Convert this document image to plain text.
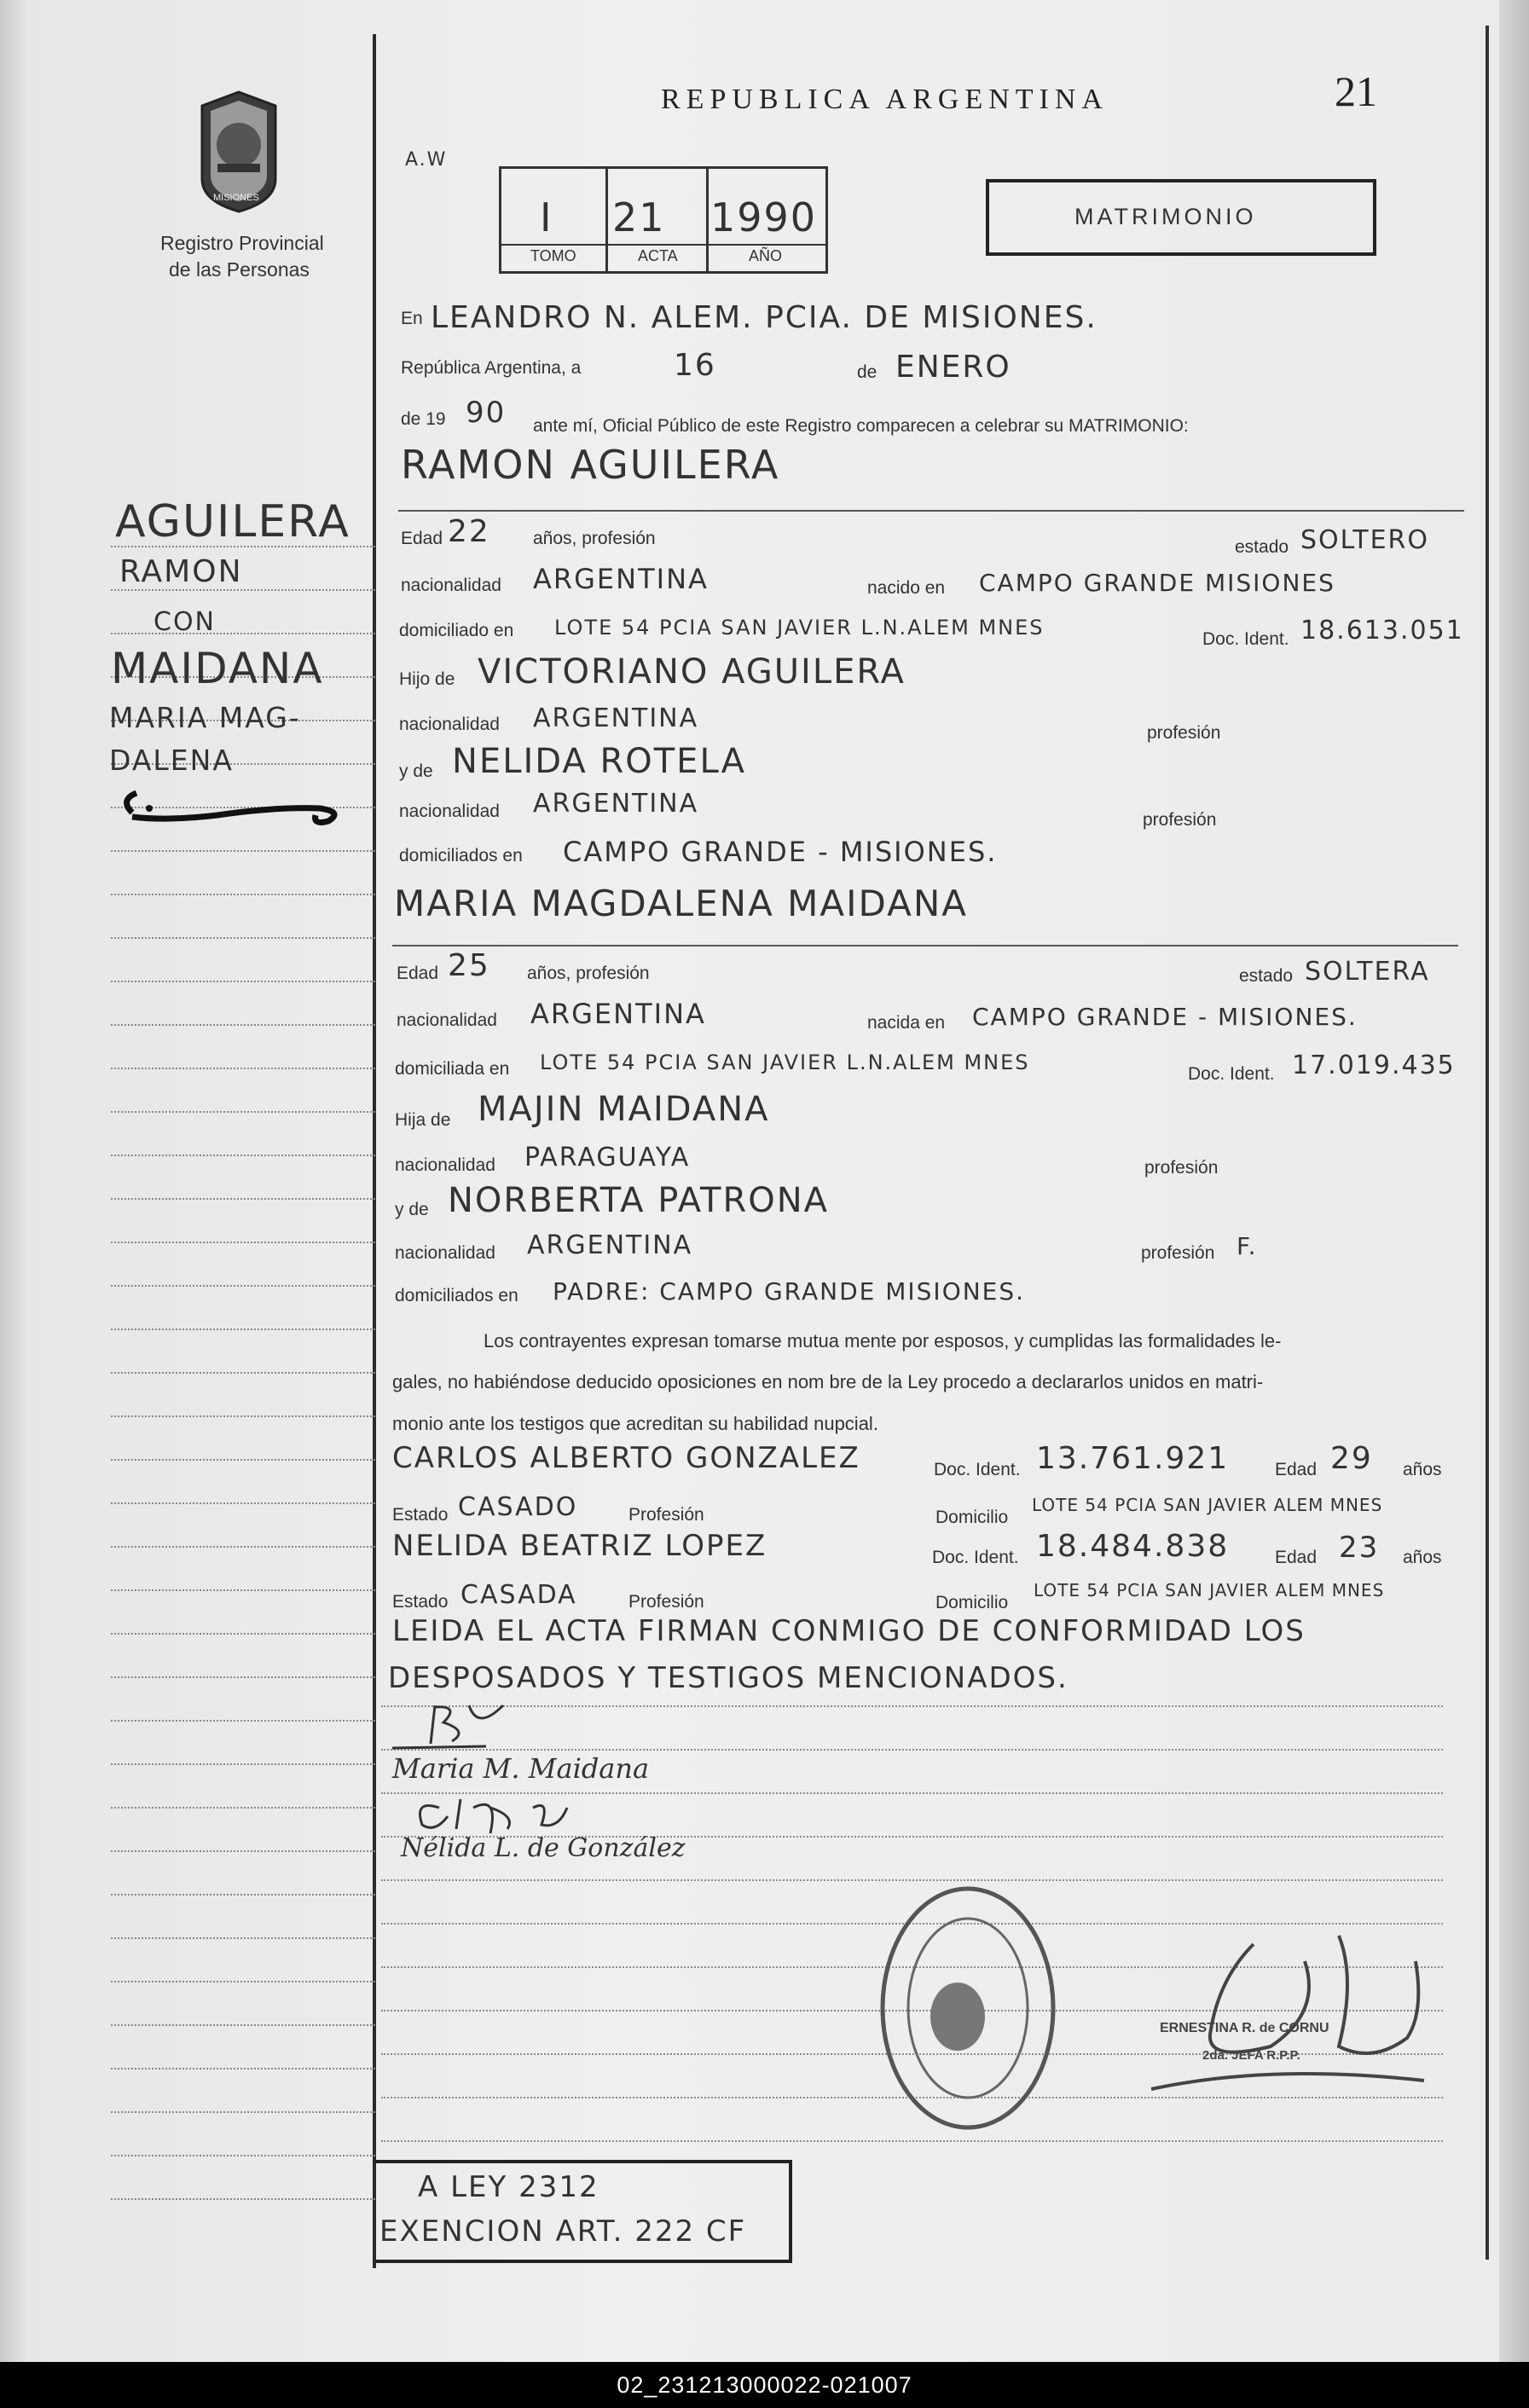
MISIONES
Registro Provincial
de las Personas
REPUBLICA ARGENTINA	21
A.W
I 21 1990
TOMO	ACTA	AÑO
MATRIMONIO
AGUILERA
RAMON
CON
MAIDANA
MARIA MAG-
DALENA
En LEANDRO N. ALEM. PCIA. DE MISIONES.
República Argentina, a	16	de ENERO
de 19 90 ante mí, Oficial Público de este Registro comparecen a celebrar su MATRIMONIO:
RAMON AGUILERA
Edad 22 años, profesión	estado SOLTERO
nacionalidad ARGENTINA	nacido en CAMPO GRANDE MISIONES
domiciliado en LOTE 54 PCIA SAN JAVIER L.N.ALEM MNES	Doc. Ident. 18.613.051
Hijo de VICTORIANO AGUILERA
nacionalidad ARGENTINA	profesión
y de NELIDA ROTELA
nacionalidad ARGENTINA
profesión
domiciliados en CAMPO GRANDE - MISIONES.
MARIA MAGDALENA MAIDANA
Edad 25 años, profesión	estado SOLTERA
nacionalidad ARGENTINA	nacida en CAMPO GRANDE - MISIONES.
domiciliada en LOTE 54 PCIA SAN JAVIER L.N.ALEM MNES	Doc. Ident. 17.019.435
Hija de MAJIN MAIDANA
nacionalidad PARAGUAYA	profesión
y de NORBERTA PATRONA
nacionalidad ARGENTINA	profesión F.
domiciliados en PADRE: CAMPO GRANDE MISIONES.
Los contrayentes expresan tomarse mutua mente por esposos, y cumplidas las formalidades le-
gales, no habiéndose deducido oposiciones en nom bre de la Ley procedo a declararlos unidos en matri-
monio ante los testigos que acreditan su habilidad nupcial.
CARLOS ALBERTO GONZALEZ	Doc. Ident. 13.761.921	Edad 29 años
Estado CASADO	Profesión	Domicilio
LOTE 54 PCIA SAN JAVIER ALEM MNES
NELIDA BEATRIZ LOPEZ	Doc. Ident. 18.484.838	Edad 23 años
Estado CASADA	Profesión	Domicilio
LOTE 54 PCIA SAN JAVIER ALEM MNES
LEIDA EL ACTA FIRMAN CONMIGO DE CONFORMIDAD LOS
DESPOSADOS Y TESTIGOS MENCIONADOS.
Maria M. Maidana
Nélida L. de González
ERNESTINA R. de CORNU
2da. JEFA R.P.P.
A LEY 2312
EXENCION ART. 222 CF
02_231213000022-021007
